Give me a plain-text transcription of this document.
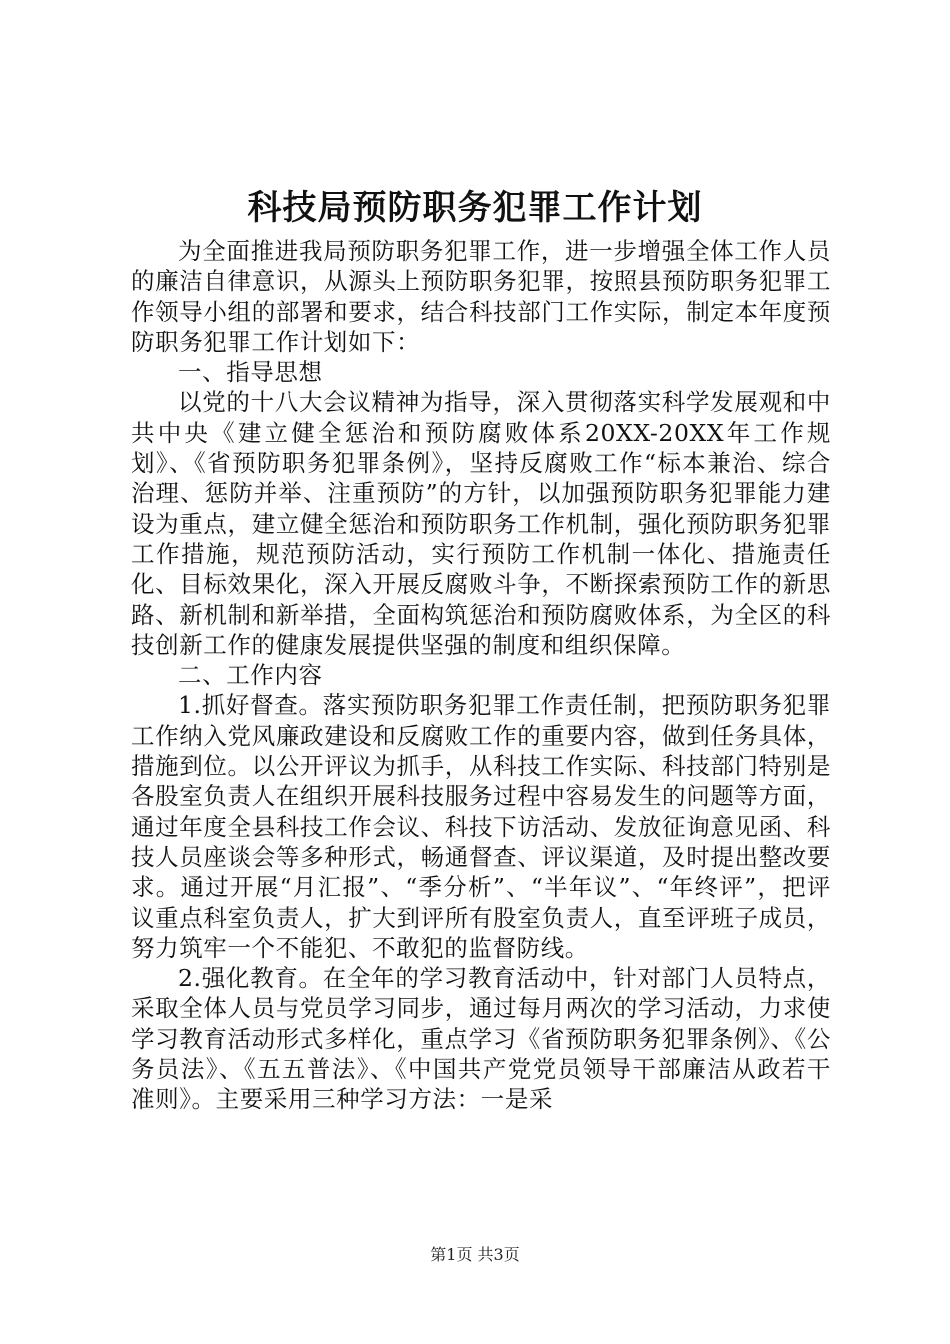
科技局预防职务犯罪工作计划

为全面推进我局预防职务犯罪工作，进一步增强全体工作人员的廉洁自律意识，从源头上预防职务犯罪，按照县预防职务犯罪工作领导小组的部署和要求，结合科技部门工作实际，制定本年度预防职务犯罪工作计划如下：

一、指导思想

以党的十八大会议精神为指导，深入贯彻落实科学发展观和中共中央《建立健全惩治和预防腐败体系20XX-20XX年工作规划》、《省预防职务犯罪条例》，坚持反腐败工作“标本兼治、综合治理、惩防并举、注重预防”的方针，以加强预防职务犯罪能力建设为重点，建立健全惩治和预防职务工作机制，强化预防职务犯罪工作措施，规范预防活动，实行预防工作机制一体化、措施责任化、目标效果化，深入开展反腐败斗争，不断探索预防工作的新思路、新机制和新举措，全面构筑惩治和预防腐败体系，为全区的科技创新工作的健康发展提供坚强的制度和组织保障。

二、工作内容

1.抓好督查。落实预防职务犯罪工作责任制，把预防职务犯罪工作纳入党风廉政建设和反腐败工作的重要内容，做到任务具体，措施到位。以公开评议为抓手，从科技工作实际、科技部门特别是各股室负责人在组织开展科技服务过程中容易发生的问题等方面，通过年度全县科技工作会议、科技下访活动、发放征询意见函、科技人员座谈会等多种形式，畅通督查、评议渠道，及时提出整改要求。通过开展“月汇报”、“季分析”、“半年议”、“年终评”，把评议重点科室负责人，扩大到评所有股室负责人，直至评班子成员，努力筑牢一个不能犯、不敢犯的监督防线。

2.强化教育。在全年的学习教育活动中，针对部门人员特点，采取全体人员与党员学习同步，通过每月两次的学习活动，力求使学习教育活动形式多样化，重点学习《省预防职务犯罪条例》、《公务员法》、《五五普法》、《中国共产党党员领导干部廉洁从政若干准则》。主要采用三种学习方法：一是采

第1页 共3页
